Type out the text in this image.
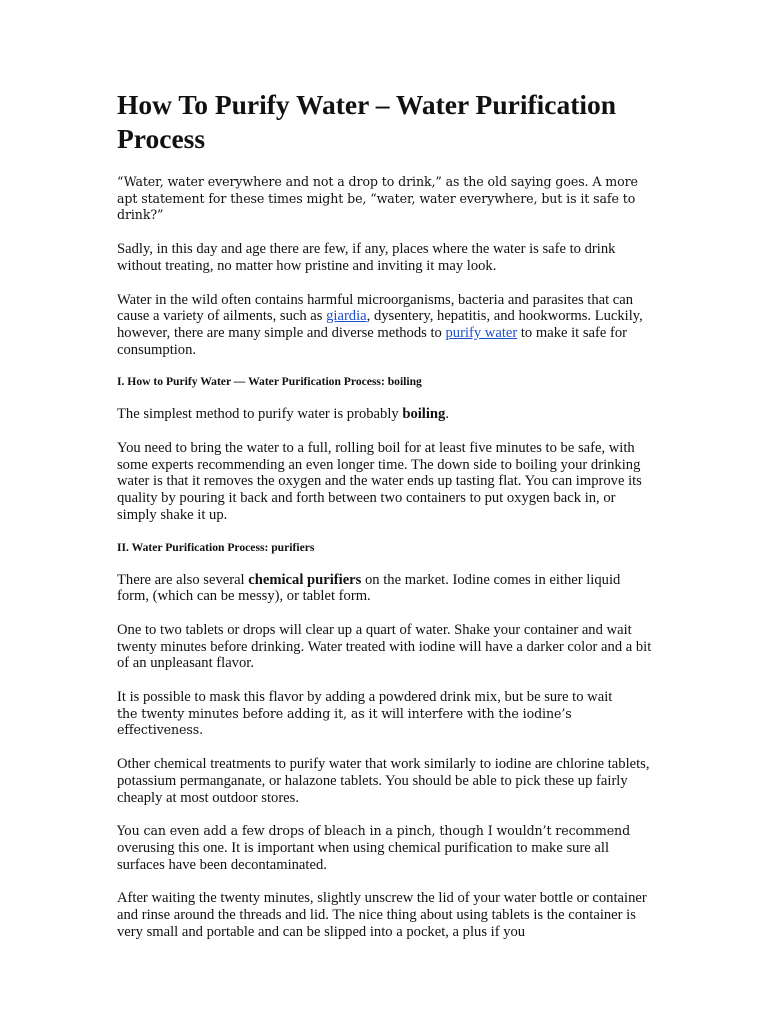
How To Purify Water – Water Purification Process

“Water, water everywhere and not a drop to drink,” as the old saying goes. A more apt statement for these times might be, “water, water everywhere, but is it safe to drink?”

Sadly, in this day and age there are few, if any, places where the water is safe to drink without treating, no matter how pristine and inviting it may look.

Water in the wild often contains harmful microorganisms, bacteria and parasites that can cause a variety of ailments, such as giardia, dysentery, hepatitis, and hookworms. Luckily, however, there are many simple and diverse methods to purify water to make it safe for consumption.

I. How to Purify Water — Water Purification Process: boiling

The simplest method to purify water is probably boiling.

You need to bring the water to a full, rolling boil for at least five minutes to be safe, with some experts recommending an even longer time. The down side to boiling your drinking water is that it removes the oxygen and the water ends up tasting flat. You can improve its quality by pouring it back and forth between two containers to put oxygen back in, or simply shake it up.

II. Water Purification Process: purifiers

There are also several chemical purifiers on the market. Iodine comes in either liquid form, (which can be messy), or tablet form.

One to two tablets or drops will clear up a quart of water. Shake your container and wait twenty minutes before drinking. Water treated with iodine will have a darker color and a bit of an unpleasant flavor.

It is possible to mask this flavor by adding a powdered drink mix, but be sure to wait
the twenty minutes before adding it, as it will interfere with the iodine’s effectiveness.

Other chemical treatments to purify water that work similarly to iodine are chlorine tablets, potassium permanganate, or halazone tablets. You should be able to pick these up fairly cheaply at most outdoor stores.

You can even add a few drops of bleach in a pinch, though I wouldn’t recommend
overusing this one. It is important when using chemical purification to make sure all surfaces have been decontaminated.

After waiting the twenty minutes, slightly unscrew the lid of your water bottle or container and rinse around the threads and lid. The nice thing about using tablets is the container is very small and portable and can be slipped into a pocket, a plus if you
